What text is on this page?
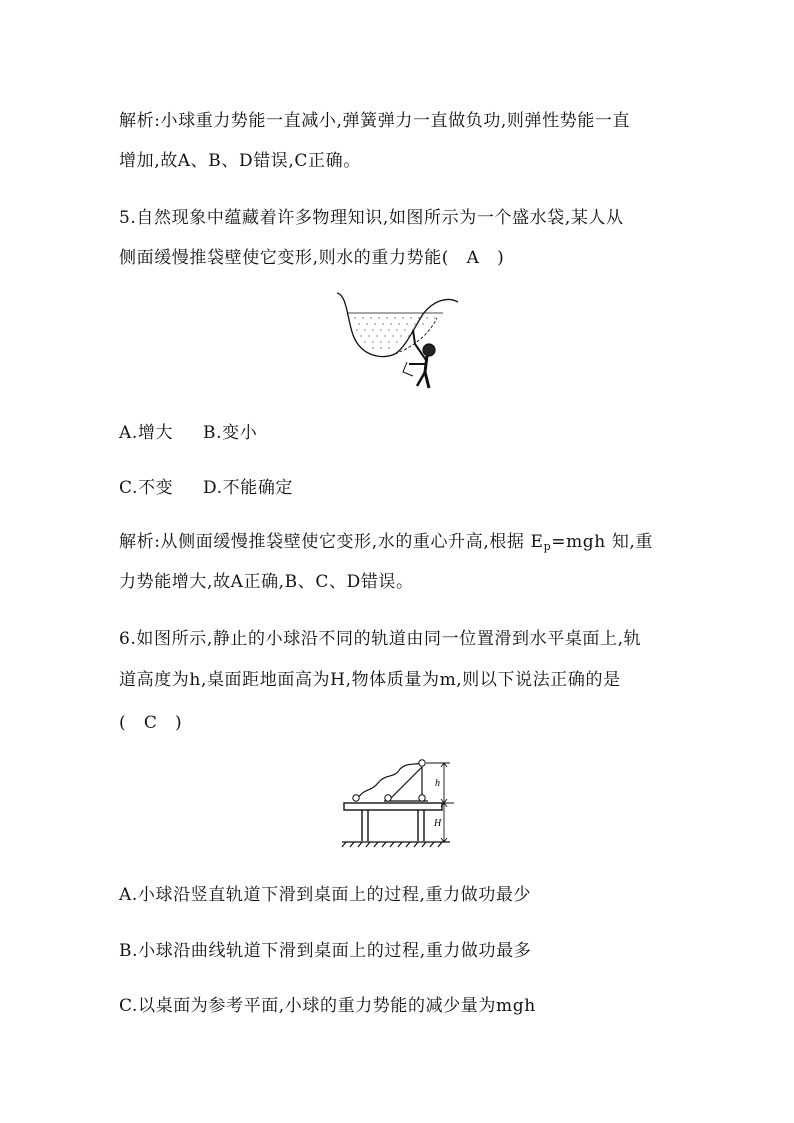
解析:小球重力势能一直减小,弹簧弹力一直做负功,则弹性势能一直
增加,故A、B、D错误,C正确。
5.自然现象中蕴藏着许多物理知识,如图所示为一个盛水袋,某人从
侧面缓慢推袋壁使它变形,则水的重力势能(　A　)
A.增大 B.变小
C.不变 D.不能确定
解析:从侧面缓慢推袋壁使它变形,水的重心升高,根据 $E_p=mgh$ 知,重
力势能增大,故A正确,B、C、D错误。
6.如图所示,静止的小球沿不同的轨道由同一位置滑到水平桌面上,轨
道高度为h,桌面距地面高为H,物体质量为m,则以下说法正确的是
(　C　)
h
H
A.小球沿竖直轨道下滑到桌面上的过程,重力做功最少
B.小球沿曲线轨道下滑到桌面上的过程,重力做功最多
C.以桌面为参考平面,小球的重力势能的减少量为mgh
